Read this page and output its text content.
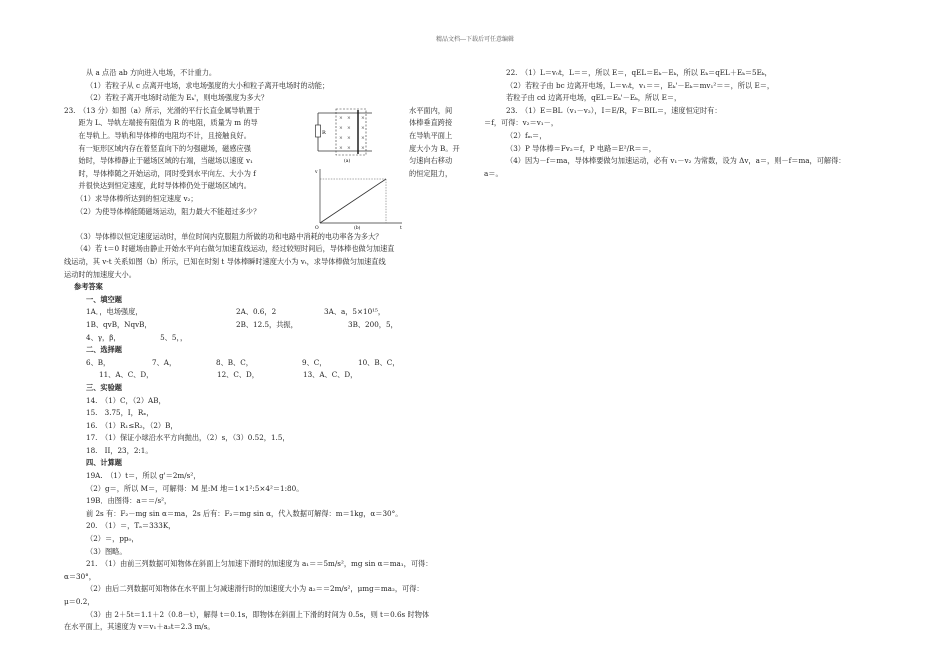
精品文档---下载后可任意编辑

从 a 点沿 ab 方向进入电场，不计重力。

（1）若粒子从 c 点离开电场，求电场强度的大小和粒子离开电场时的动能；

（2）若粒子离开电场时动能为 Eₖ'，则电场强度为多大？

23.　（13 分）如图（a）所示，光滑的平行长直金属导轨置于

　　距为 L、导轨左端接有阻值为 R 的电阻，质量为 m 的导

　　在导轨上。导轨和导体棒的电阻均不计，且接触良好。

　　有一矩形区域内存在着竖直向下的匀强磁场，磁感应强

　　始时，导体棒静止于磁场区域的右端，当磁场以速度 v₁

　　时，导体棒随之开始运动，同时受到水平向左、大小为 f

　　并很快达到恒定速度，此时导体棒仍处于磁场区域内。

（1）求导体棒所达到的恒定速度 v₂；

（2）为使导体棒能随磁场运动，阻力最大不能超过多少？

水平面内，间

体棒垂直跨接

在导轨平面上

度大小为 B。开

匀速向右移动

的恒定阻力，

R
× × ×
× × ×
× × ×
× × ×
(a)
v
t
O	(b)

（3）导体棒以恒定速度运动时，单位时间内克服阻力所做的功和电路中消耗的电功率各为多大？

（4）若 t＝0 时磁场由静止开始水平向右做匀加速直线运动，经过较短时间后，导体棒也做匀加速直

线运动，其 v-t 关系如图（b）所示，已知在时刻 t 导体棒瞬时速度大小为 vₜ，求导体棒做匀加速直线

运动时的加速度大小。

参考答案

一、填空题

1A．，电场强度，	2A、0.6，2	3A、a，5×10¹⁵，
1B、qvB，NqvB，	2B、12.5，共振，	3B、200，5，

4、γ，β，　　　　　　5、5，，

二、选择题

6、B，	7、A，	8、B、C，	9、C，	10、B、C，
11、A、C、D，	12、C、D，	13、A、C、D，

三、实验题

14.　（1）C，（2）AB，

15.　3.75，I，Rₓ，

16.　（1）R₁≤R₂，（2）B，

17.　（1）保证小球沿水平方向抛出，（2）s，（3）0.52，1.5，

18.　II，23，2:1。

四、计算题

19A.　（1）t＝，所以 g'＝2m/s²，

（2）g＝，所以 M＝，可解得：M 星:M 地＝1×1²:5×4²＝1:80。

19B．由图得：a＝＝/s²，

前 2s 有：F₂－mg sin α＝ma，2s 后有：F₂＝mg sin α，代入数据可解得：m＝1kg，α＝30°。

20.　（1）＝，Tₐ＝333K，

（2）＝，pp₀，

（3）图略。

21.　（1）由前三列数据可知物体在斜面上匀加速下滑时的加速度为 a₁＝＝5m/s²，mg sin α＝ma₁，可得：

α＝30°，

（2）由后二列数据可知物体在水平面上匀减速滑行时的加速度大小为 a₂＝＝2m/s²，μmg＝ma₂，可得：

μ＝0.2，

（3）由 2＋5t＝1.1＋2（0.8－t），解得 t＝0.1s，即物体在斜面上下滑的时间为 0.5s，则 t＝0.6s 时物体

在水平面上，其速度为 v＝v₁＋a₂t＝2.3 m/s。

22.　（1）L＝v₀t，L＝＝，所以 E＝，qEL＝Eₖ－Eₖ，所以 Eₖ＝qEL＋Eₖ＝5Eₖ，

（2）若粒子由 bc 边离开电场，L＝v₀t，v₁＝＝，Eₖ'－Eₖ＝mv₁²＝＝，所以 E＝，

若粒子由 cd 边离开电场，qEL＝Eₖ'－Eₖ，所以 E＝，

23.　（1）E＝BL（v₁－v₂），I＝E/R，F＝BIL＝，速度恒定时有：

＝f，可得：v₂＝v₁－，

（2）fₘ＝，

（3）P 导体棒＝Fv₂＝f，P 电路＝E²/R＝＝，

（4）因为－f＝ma，导体棒要做匀加速运动，必有 v₁－v₂ 为常数，设为 Δv，a＝，则－f＝ma，可解得：

a＝。
